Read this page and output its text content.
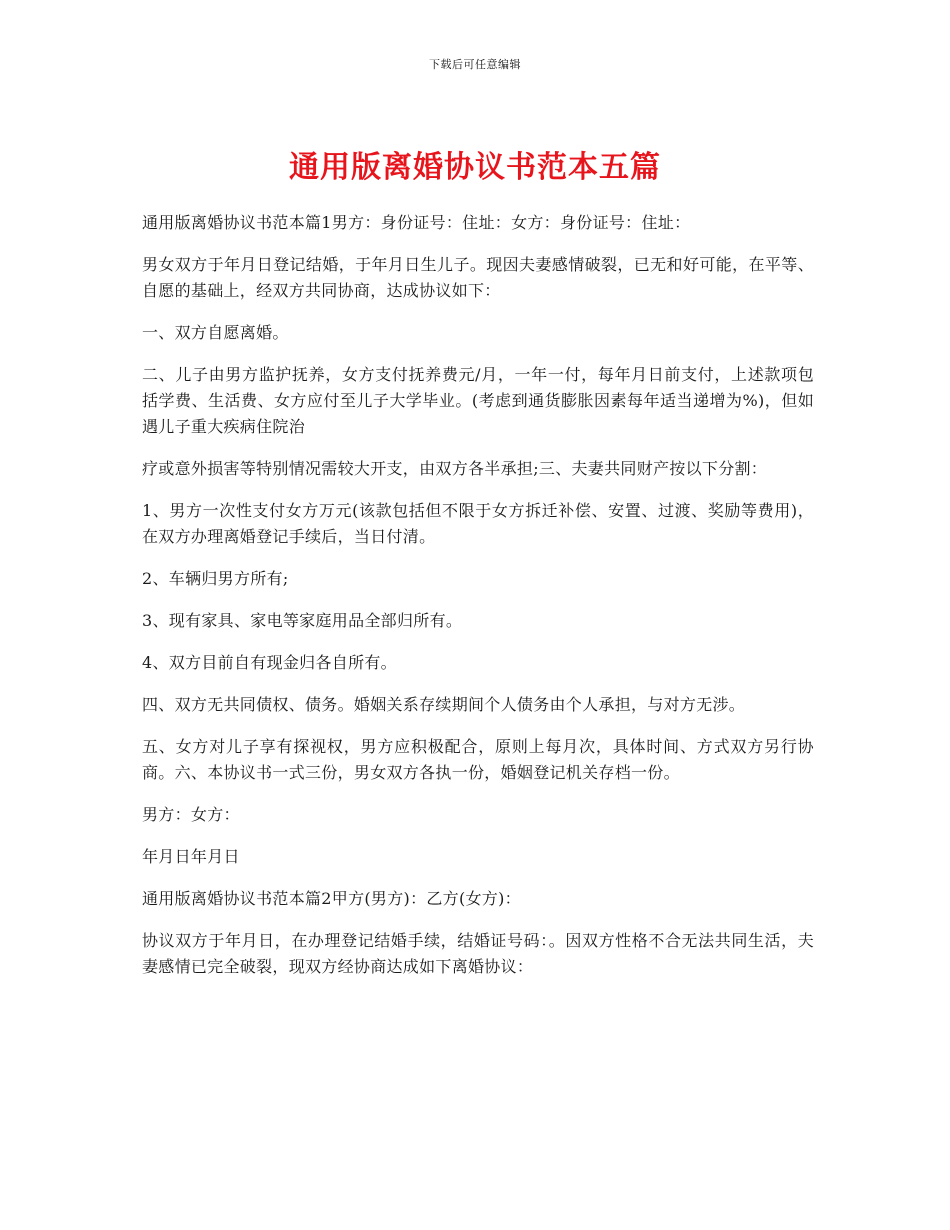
下载后可任意编辑
通用版离婚协议书范本五篇

通用版离婚协议书范本篇1男方：身份证号：住址：女方：身份证号：住址：

男女双方于年月日登记结婚，于年月日生儿子。现因夫妻感情破裂，已无和好可能，在平等、自愿的基础上，经双方共同协商，达成协议如下：

一、双方自愿离婚。

二、儿子由男方监护抚养，女方支付抚养费元/月，一年一付，每年月日前支付，上述款项包括学费、生活费、女方应付至儿子大学毕业。(考虑到通货膨胀因素每年适当递增为%)，但如遇儿子重大疾病住院治

疗或意外损害等特别情况需较大开支，由双方各半承担;三、夫妻共同财产按以下分割：

1、男方一次性支付女方万元(该款包括但不限于女方拆迁补偿、安置、过渡、奖励等费用)，在双方办理离婚登记手续后，当日付清。

2、车辆归男方所有;

3、现有家具、家电等家庭用品全部归所有。

4、双方目前自有现金归各自所有。

四、双方无共同债权、债务。婚姻关系存续期间个人债务由个人承担，与对方无涉。

五、女方对儿子享有探视权，男方应积极配合，原则上每月次，具体时间、方式双方另行协商。六、本协议书一式三份，男女双方各执一份，婚姻登记机关存档一份。

男方：女方：

年月日年月日

通用版离婚协议书范本篇2甲方(男方)：乙方(女方)：

协议双方于年月日，在办理登记结婚手续，结婚证号码：。因双方性格不合无法共同生活，夫妻感情已完全破裂，现双方经协商达成如下离婚协议：
